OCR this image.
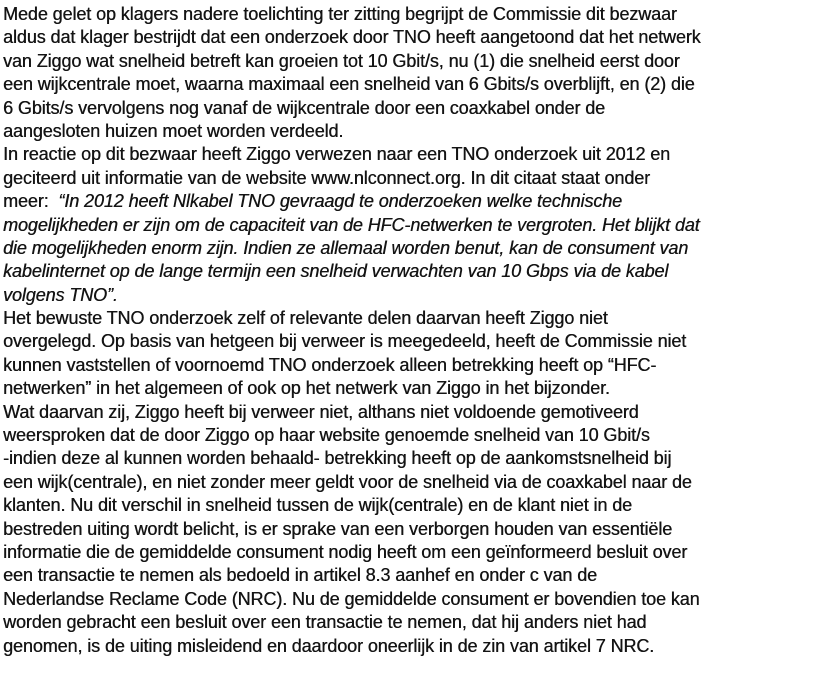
Mede gelet op klagers nadere toelichting ter zitting begrijpt de Commissie dit bezwaar
aldus dat klager bestrijdt dat een onderzoek door TNO heeft aangetoond dat het netwerk
van Ziggo wat snelheid betreft kan groeien tot 10 Gbit/s, nu (1) die snelheid eerst door
een wijkcentrale moet, waarna maximaal een snelheid van 6 Gbits/s overblijft, en (2) die
6 Gbits/s vervolgens nog vanaf de wijkcentrale door een coaxkabel onder de
aangesloten huizen moet worden verdeeld.
In reactie op dit bezwaar heeft Ziggo verwezen naar een TNO onderzoek uit 2012 en
geciteerd uit informatie van de website www.nlconnect.org. In dit citaat staat onder
meer:  “In 2012 heeft Nlkabel TNO gevraagd te onderzoeken welke technische
mogelijkheden er zijn om de capaciteit van de HFC-netwerken te vergroten. Het blijkt dat
die mogelijkheden enorm zijn. Indien ze allemaal worden benut, kan de consument van
kabelinternet op de lange termijn een snelheid verwachten van 10 Gbps via de kabel
volgens TNO”.
Het bewuste TNO onderzoek zelf of relevante delen daarvan heeft Ziggo niet
overgelegd. Op basis van hetgeen bij verweer is meegedeeld, heeft de Commissie niet
kunnen vaststellen of voornoemd TNO onderzoek alleen betrekking heeft op “HFC-
netwerken” in het algemeen of ook op het netwerk van Ziggo in het bijzonder.
Wat daarvan zij, Ziggo heeft bij verweer niet, althans niet voldoende gemotiveerd
weersproken dat de door Ziggo op haar website genoemde snelheid van 10 Gbit/s
-indien deze al kunnen worden behaald- betrekking heeft op de aankomstsnelheid bij
een wijk(centrale), en niet zonder meer geldt voor de snelheid via de coaxkabel naar de
klanten. Nu dit verschil in snelheid tussen de wijk(centrale) en de klant niet in de
bestreden uiting wordt belicht, is er sprake van een verborgen houden van essentiële
informatie die de gemiddelde consument nodig heeft om een geïnformeerd besluit over
een transactie te nemen als bedoeld in artikel 8.3 aanhef en onder c van de
Nederlandse Reclame Code (NRC). Nu de gemiddelde consument er bovendien toe kan
worden gebracht een besluit over een transactie te nemen, dat hij anders niet had
genomen, is de uiting misleidend en daardoor oneerlijk in de zin van artikel 7 NRC.
